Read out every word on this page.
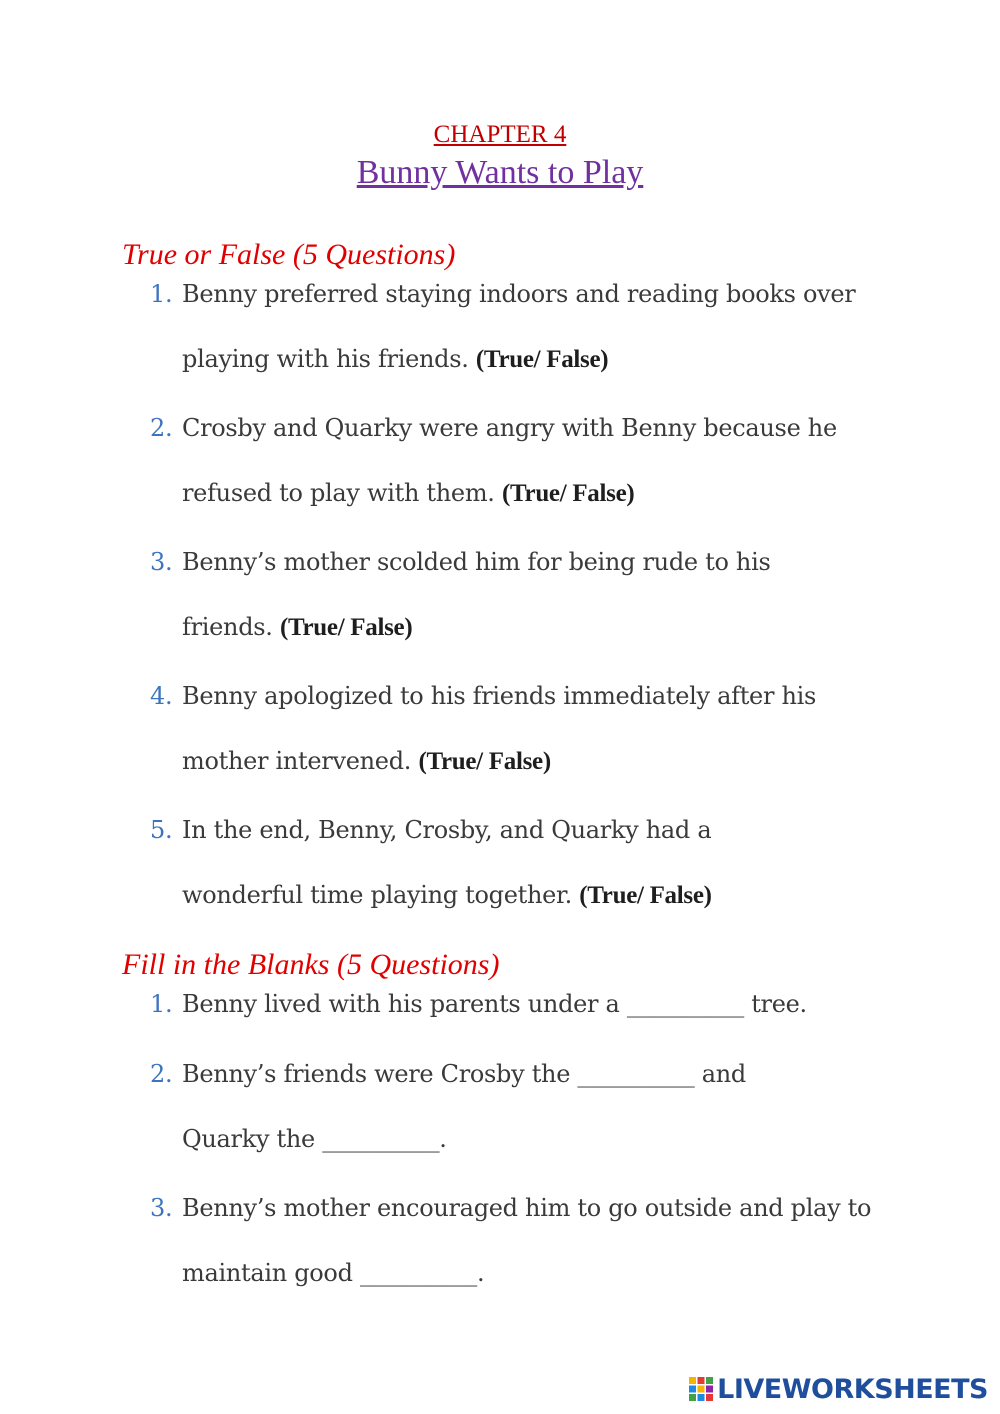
CHAPTER 4
Bunny Wants to Play
True or False (5 Questions)
1. Benny preferred staying indoors and reading books over playing with his friends. (True/ False)
2. Crosby and Quarky were angry with Benny because he refused to play with them. (True/ False)
3. Benny’s mother scolded him for being rude to his friends. (True/ False)
4. Benny apologized to his friends immediately after his mother intervened. (True/ False)
5. In the end, Benny, Crosby, and Quarky had a wonderful time playing together. (True/ False)
Fill in the Blanks (5 Questions)
1. Benny lived with his parents under a __________ tree.
2. Benny’s friends were Crosby the __________ and Quarky the __________.
3. Benny’s mother encouraged him to go outside and play to maintain good __________.
LIVEWORKSHEETS
